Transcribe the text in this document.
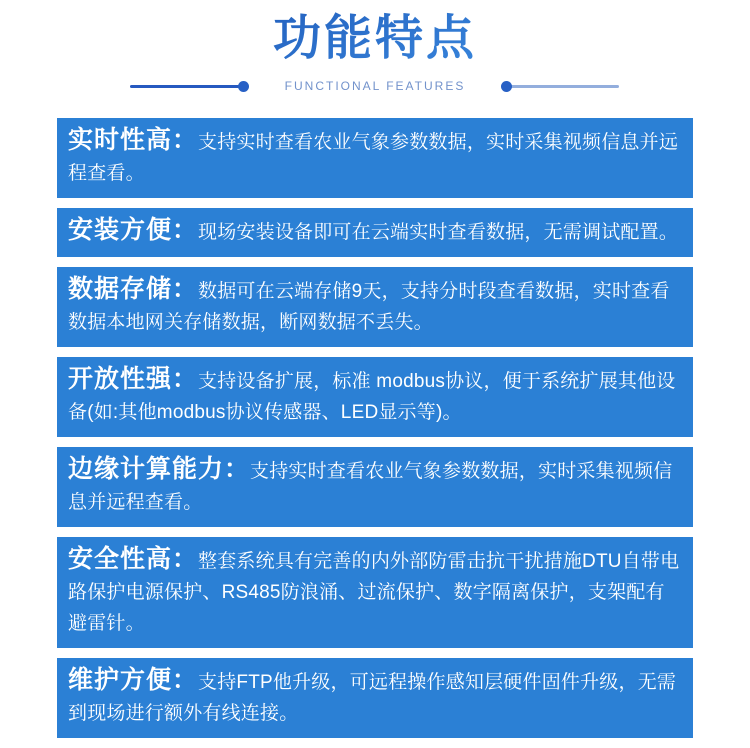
功能特点
FUNCTIONAL FEATURES
实时性高：支持实时查看农业气象参数数据，实时采集视频信息并远程查看。
安装方便：现场安装设备即可在云端实时查看数据，无需调试配置。
数据存储：数据可在云端存储9天，支持分时段查看数据，实时查看数据本地网关存储数据，断网数据不丢失。
开放性强：支持设备扩展，标准 modbus协议，便于系统扩展其他设备(如:其他modbus协议传感器、LED显示等)。
边缘计算能力：支持实时查看农业气象参数数据，实时采集视频信息并远程查看。
安全性高：整套系统具有完善的内外部防雷击抗干扰措施DTU自带电路保护电源保护、RS485防浪涌、过流保护、数字隔离保护，支架配有避雷针。
维护方便：支持FTP他升级，可远程操作感知层硬件固件升级，无需到现场进行额外有线连接。
